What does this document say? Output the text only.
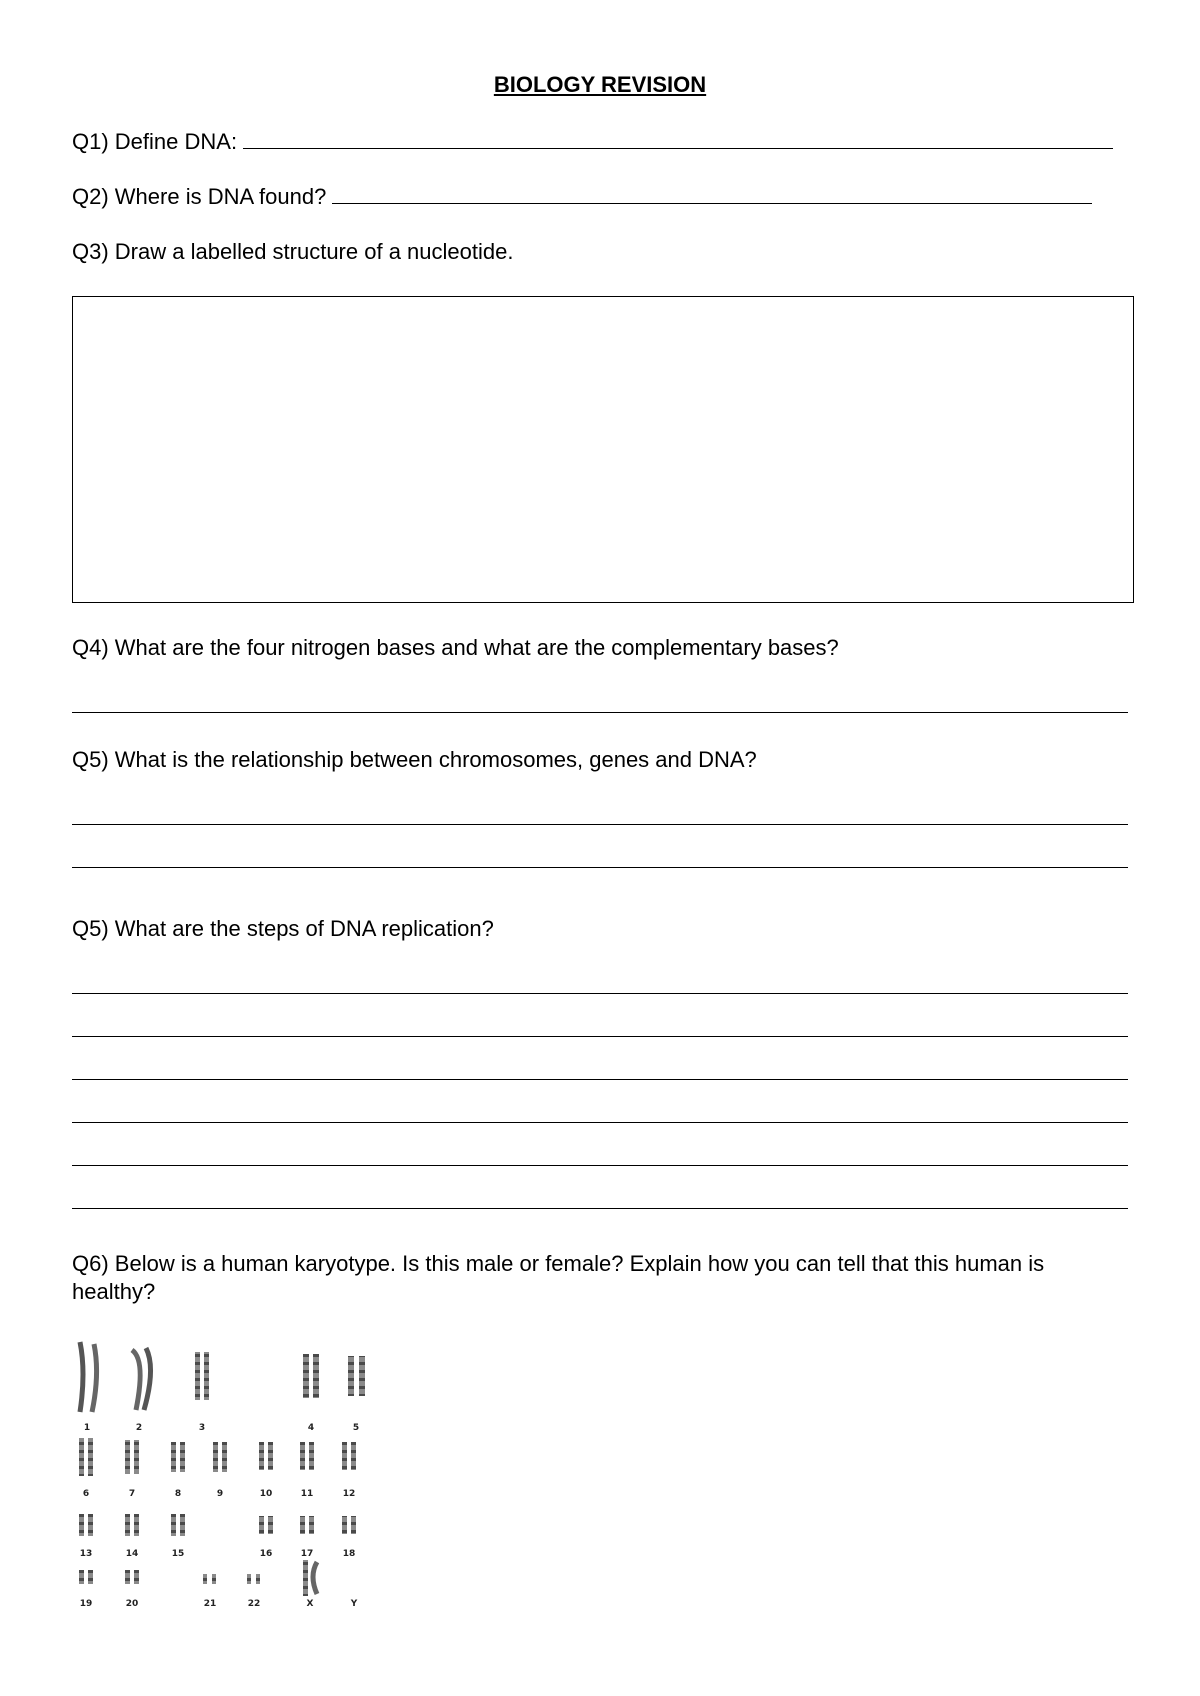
BIOLOGY REVISION
Q1) Define DNA:
Q2) Where is DNA found?
Q3) Draw a labelled structure of a nucleotide.
Q4) What are the four nitrogen bases and what are the complementary bases?
Q5) What is the relationship between chromosomes, genes and DNA?
Q5) What are the steps of DNA replication?
Q6) Below is a human karyotype. Is this male or female? Explain how you can tell that this human is healthy?
1	2	3	4	5
6	7	8	9	10	11	12
13	14	15	16	17	18
19	20	21	22	X	Y
